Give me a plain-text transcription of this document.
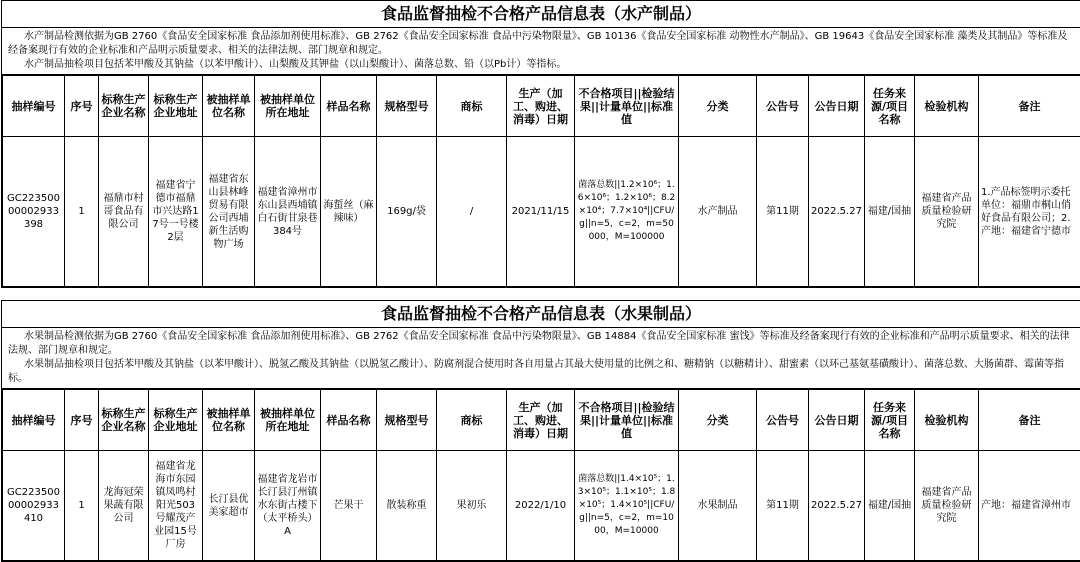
食品监督抽检不合格产品信息表（水产制品）

水产制品检测依据为GB 2760《食品安全国家标准 食品添加剂使用标准》、GB 2762《食品安全国家标准 食品中污染物限量》、GB 10136《食品安全国家标准 动物性水产制品》、GB 19643《食品安全国家标准 藻类及其制品》等标准及经备案现行有效的企业标准和产品明示质量要求、相关的法律法规、部门规章和规定。

水产制品抽检项目包括苯甲酸及其钠盐（以苯甲酸计）、山梨酸及其钾盐（以山梨酸计）、菌落总数、铅（以Pb计）等指标。

抽样编号	序号	标称生产企业名称	标称生产企业地址	被抽样单位名称	被抽样单位所在地址	样品名称	规格型号	商标	生产（加工、购进、消毒）日期	不合格项目||检验结果||计量单位||标准值	分类	公告号	公告日期	任务来源/项目名称	检验机构	备注
GC22350000002933398	1	福鼎市村哥食品有限公司	福建省宁德市福鼎市兴达路17号一号楼2层	福建省东山县林峰贸易有限公司西埔新生活购物广场	福建省漳州市东山县西埔镇白石街甘泉巷384号	海蜇丝（麻辣味）	169g/袋	/	2021/11/15	菌落总数||1.2×10⁶；1.6×10⁶；1.2×10⁶；8.2×10⁴；7.7×10⁴||CFU/g||n=5，c=2，m=50000，M=100000	水产制品	第11期	2022.5.27	福建/国抽	福建省产品质量检验研究院	1.产品标签明示委托单位：福鼎市桐山俏好食品有限公司；2.产地：福建省宁德市
食品监督抽检不合格产品信息表（水果制品）

水果制品检测依据为GB 2760《食品安全国家标准 食品添加剂使用标准》、GB 2762《食品安全国家标准 食品中污染物限量》、GB 14884《食品安全国家标准 蜜饯》等标准及经备案现行有效的企业标准和产品明示质量要求、相关的法律法规、部门规章和规定。

水果制品抽检项目包括苯甲酸及其钠盐（以苯甲酸计）、脱氢乙酸及其钠盐（以脱氢乙酸计）、防腐剂混合使用时各自用量占其最大使用量的比例之和、糖精钠（以糖精计）、甜蜜素（以环己基氨基磺酸计）、菌落总数、大肠菌群、霉菌等指标。

抽样编号	序号	标称生产企业名称	标称生产企业地址	被抽样单位名称	被抽样单位所在地址	样品名称	规格型号	商标	生产（加工、购进、消毒）日期	不合格项目||检验结果||计量单位||标准值	分类	公告号	公告日期	任务来源/项目名称	检验机构	备注
GC22350000002933410	1	龙海冠荣果蔬有限公司	福建省龙海市东园镇凤鸣村阳光503号耀茂产业园15号厂房	长汀县优美家超市	福建省龙岩市长汀县汀州镇水东街古楼下（太平桥头）A	芒果干	散装称重	果初乐	2022/1/10	菌落总数||1.4×10⁵；1.3×10⁵；1.1×10⁵；1.8×10⁵；1.4×10⁵||CFU/g||n=5，c=2，m=1000，M=10000	水果制品	第11期	2022.5.27	福建/国抽	福建省产品质量检验研究院	产地：福建省漳州市
